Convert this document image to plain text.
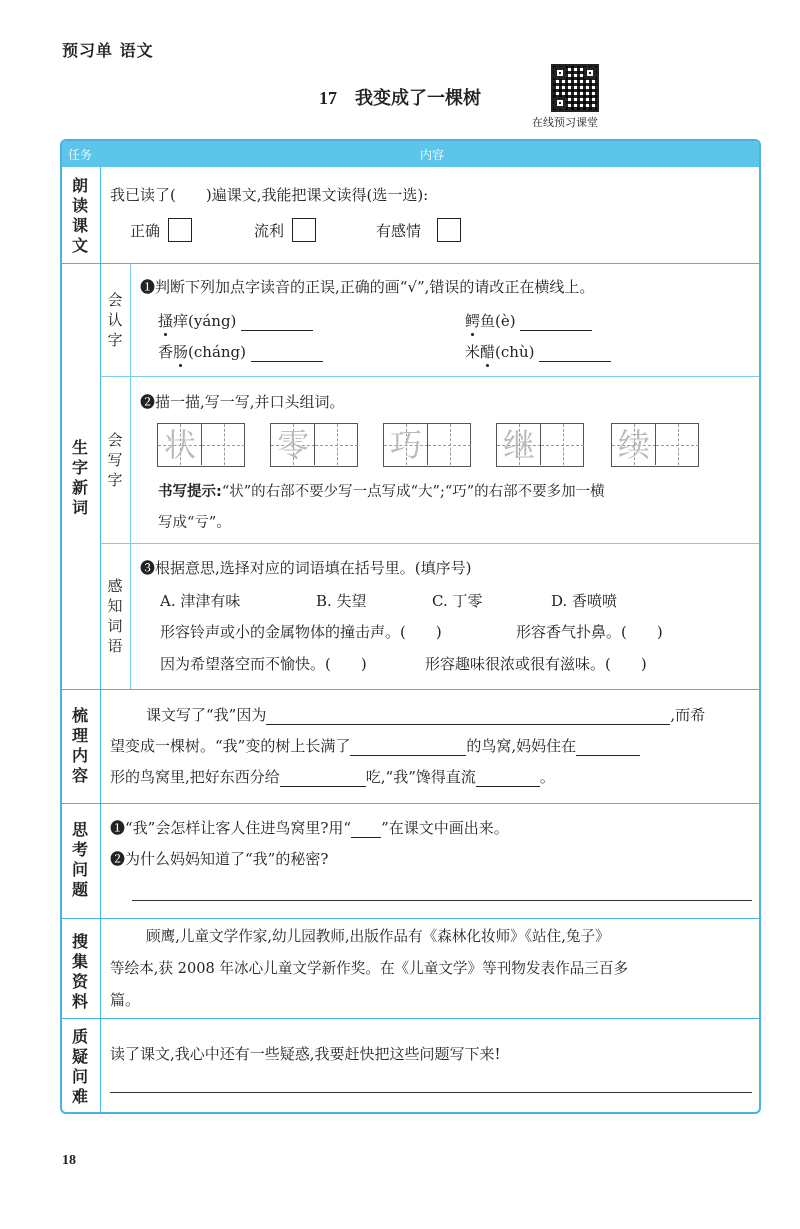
预习单 语文
17 我变成了一棵树
在线预习课堂
任务	内容
朗读课文
我已读了(　　)遍课文,我能把课文读得(选一选):
正确	流利	有感情
生字新词
会认字
❶判断下列加点字读音的正误,正确的画“√”,错误的请改正在横线上。
搔痒(yáng)	鳄鱼(è)
香肠(cháng)	米醋(chù)
会写字
❷描一描,写一写,并口头组词。
状	零	巧	继	续
书写提示:“状”的右部不要少写一点写成“大”;“巧”的右部不要多加一横
写成“亏”。
感知词语
❸根据意思,选择对应的词语填在括号里。(填序号)
A. 津津有味	B. 失望	C. 丁零	D. 香喷喷
形容铃声或小的金属物体的撞击声。(　　)	形容香气扑鼻。(　　)
因为希望落空而不愉快。(　　)	形容趣味很浓或很有滋味。(　　)
梳理内容
课文写了“我”因为	,而希
望变成一棵树。“我”变的树上长满了	的鸟窝,妈妈住在
形的鸟窝里,把好东西分给	吃,“我”馋得直流	。
思考问题
❶“我”会怎样让客人住进鸟窝里?用“ ”在课文中画出来。
❷为什么妈妈知道了“我”的秘密?
搜集资料
顾鹰,儿童文学作家,幼儿园教师,出版作品有《森林化妆师》《站住,兔子》
等绘本,获 2008 年冰心儿童文学新作奖。在《儿童文学》等刊物发表作品三百多
篇。
质疑问难
读了课文,我心中还有一些疑惑,我要赶快把这些问题写下来!
18
